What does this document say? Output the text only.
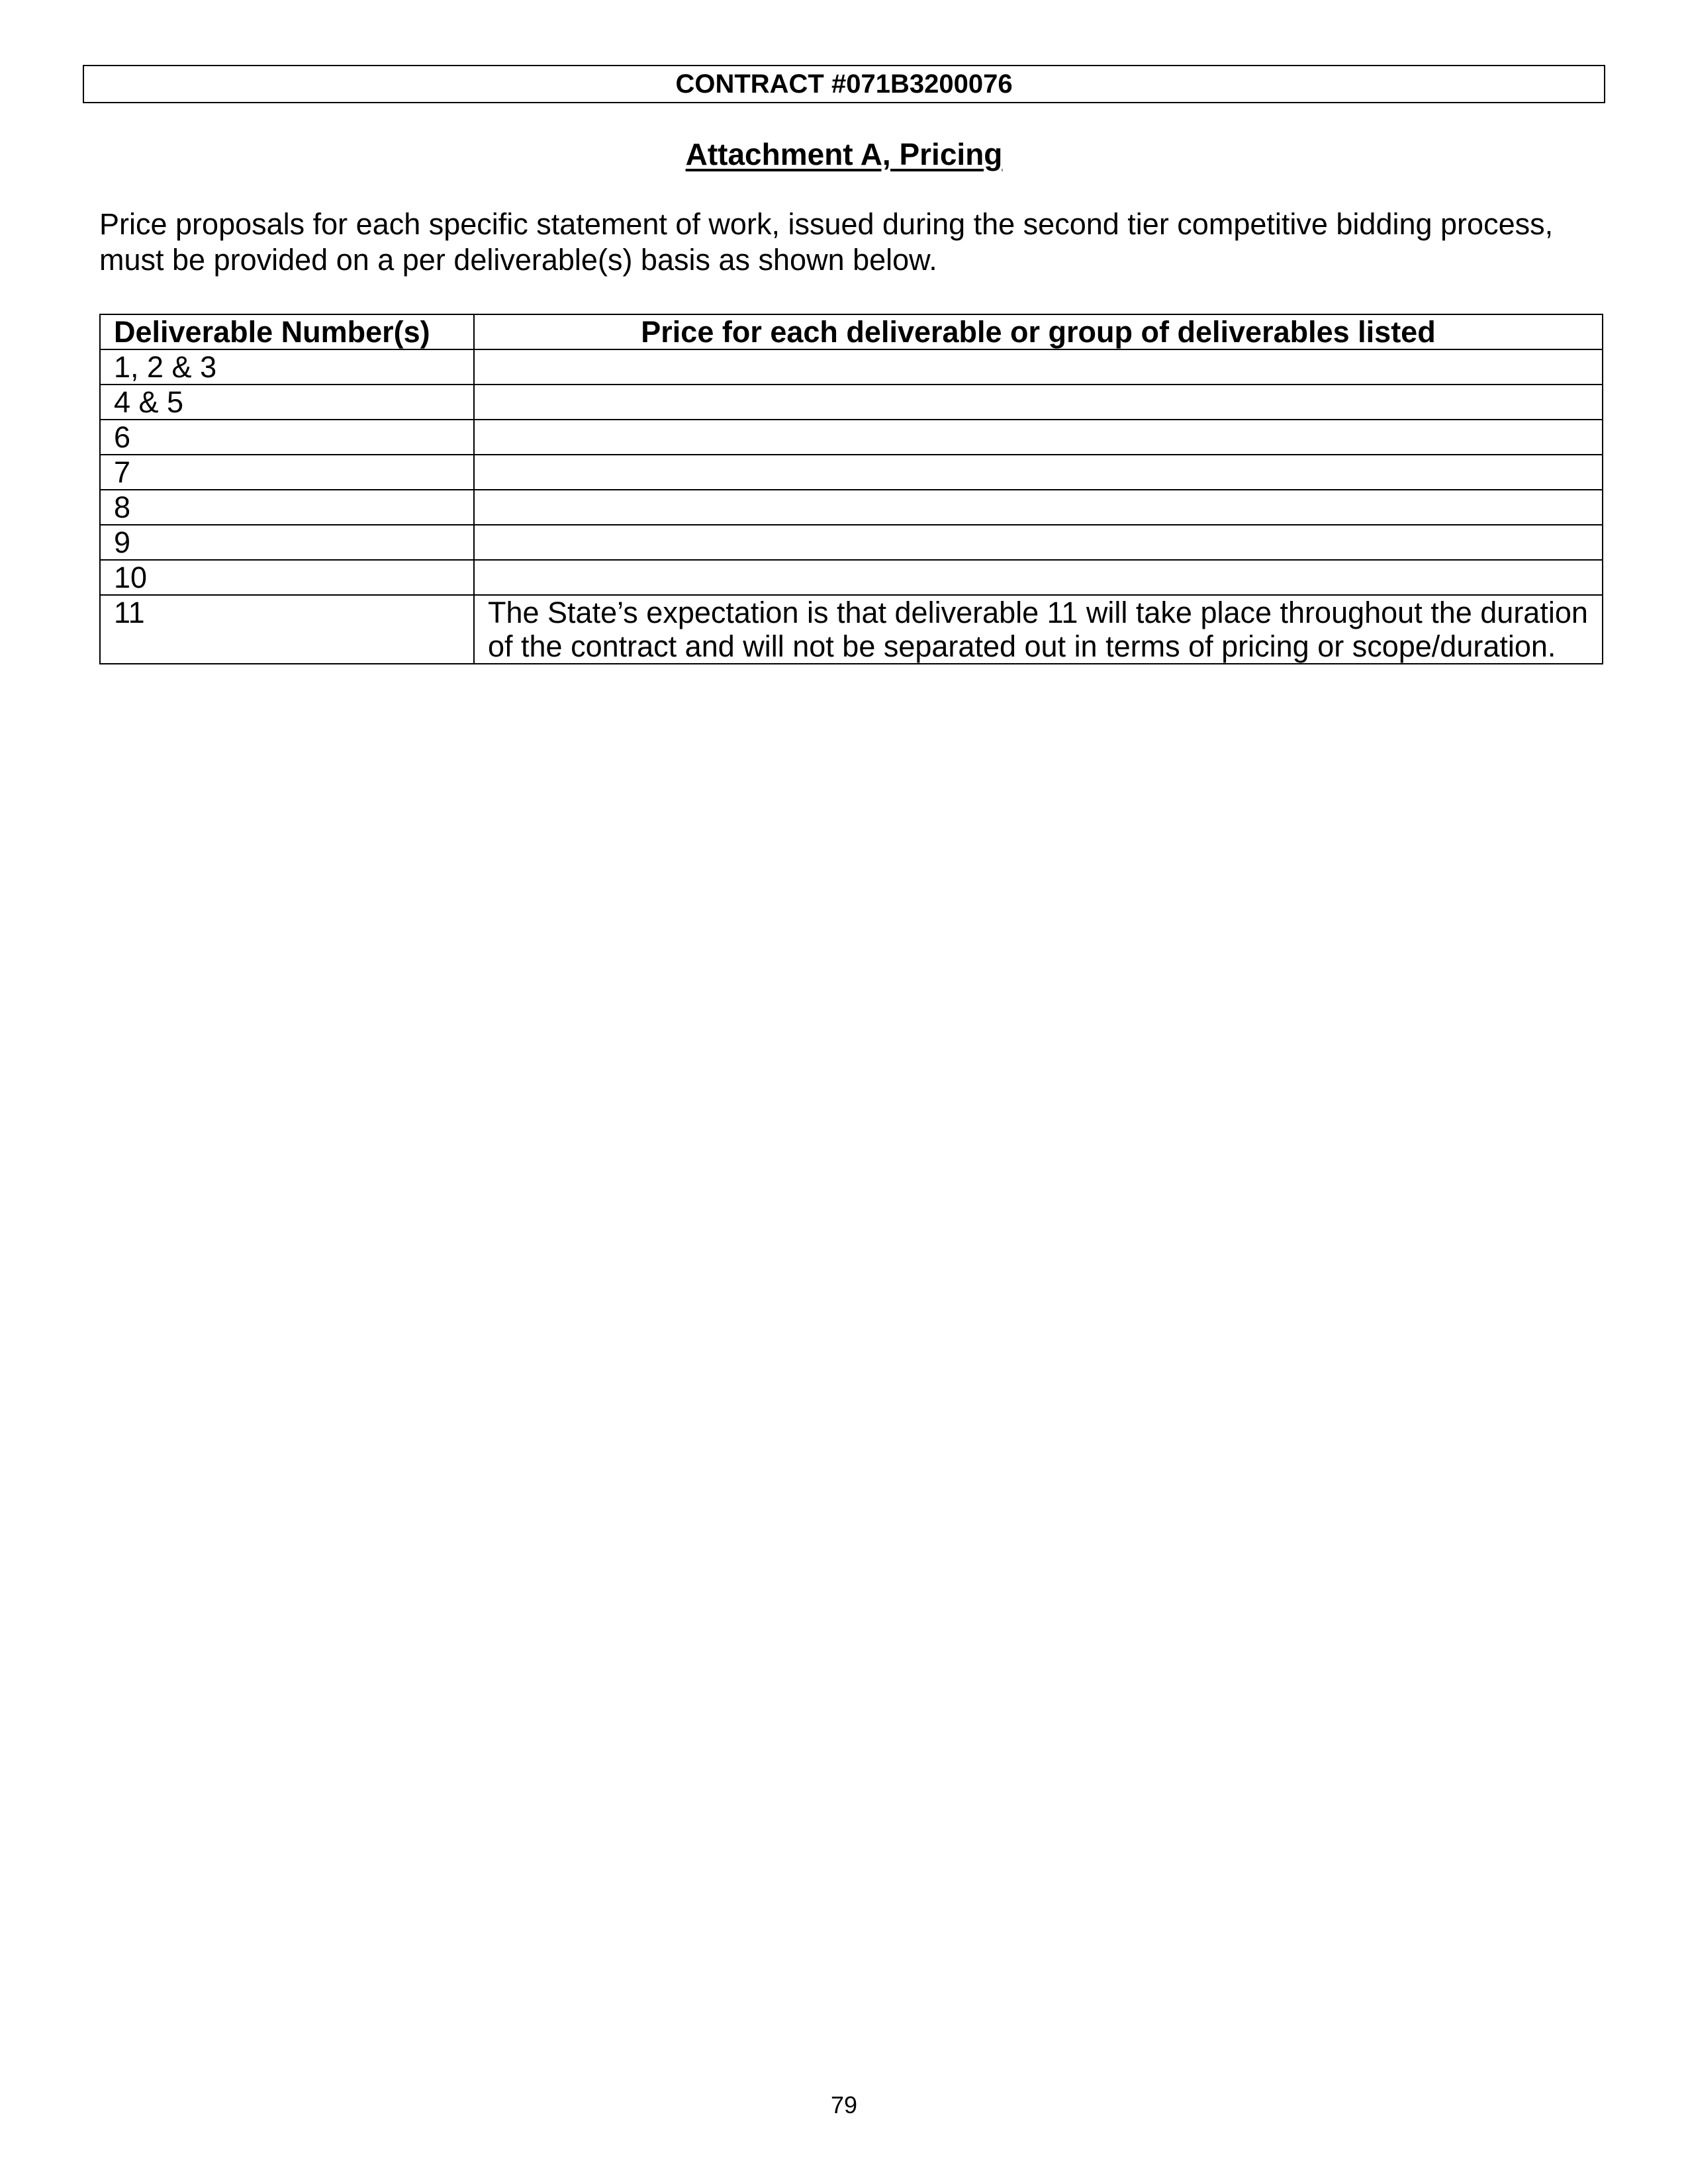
CONTRACT #071B3200076
Attachment A, Pricing

Price proposals for each specific statement of work, issued during the second tier competitive bidding process, must be provided on a per deliverable(s) basis as shown below.

Deliverable Number(s)	Price for each deliverable or group of deliverables listed
1, 2 & 3	
4 & 5	
6	
7	
8	
9	
10	
11	The State’s expectation is that deliverable 11 will take place throughout the duration of the contract and will not be separated out in terms of pricing or scope/duration.
79
